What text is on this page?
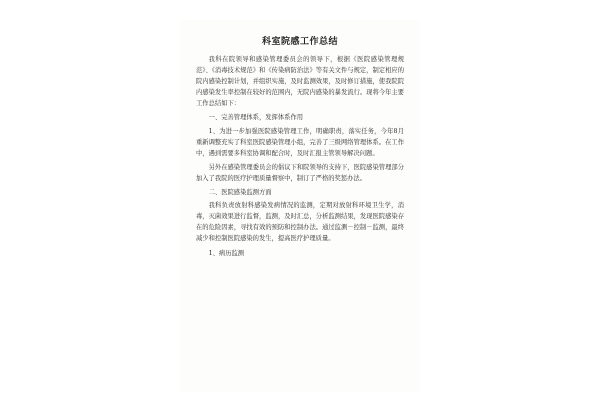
科室院感工作总结

我科在院领导和感染管理委员会的领导下，根据《医院感染管理规范》、《消毒技术规范》和《传染病防治法》等有关文件与规定，制定相应的院内感染控制计划，并组织实施，及时监测效果，及时修订措施，使我院院内感染发生率控制在较好的范围内，无院内感染的暴发流行。现将今年主要工作总结如下：

一、完善管理体系，发挥体系作用

1、为进一步加强医院感染管理工作，明确职责，落实任务，今年8月重新调整充实了科室医院感染管理小组，完善了三级网络管理体系。在工作中，遇到需要多科室协调和配合时，及时汇报主管领导解决问题。

另外在感染管理委员会的倡议下和院领导的支持下，医院感染管理部分加入了我院的医疗护理质量督察中，制订了严格的奖惩办法。

二、医院感染监测方面

我科负责放射科感染发病情况的监测，定期对放射科环境卫生学，消毒，灭菌效果进行监督，监测，及时汇总，分析监测结果，发现医院感染存在的危险因素，寻找有效的预防和控制办法。通过监测－控制－监测，最终减少和控制医院感染的发生，提高医疗护理质量。

1、病历监测
